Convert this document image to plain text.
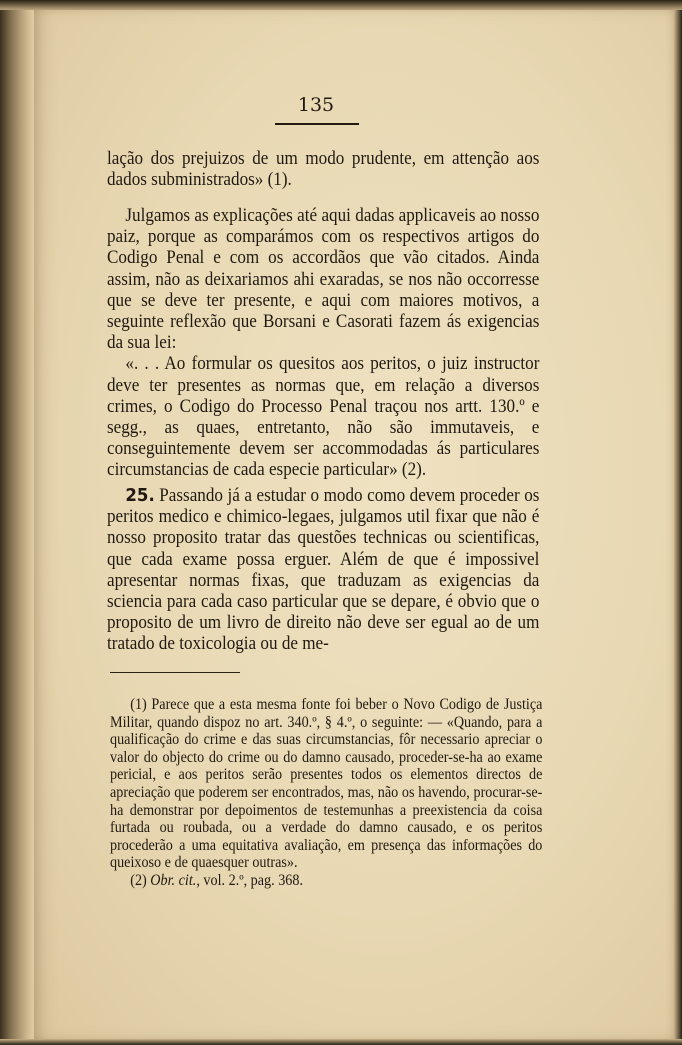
135
lação dos prejuizos de um modo prudente, em attenção aos dados subministrados» (1).
Julgamos as explicações até aqui dadas applicaveis ao nosso paiz, porque as comparámos com os respectivos artigos do Codigo Penal e com os accordãos que vão citados. Ainda assim, não as deixariamos ahi exaradas, se nos não occorresse que se deve ter presente, e aqui com maiores motivos, a seguinte reflexão que Borsani e Casorati fazem ás exigencias da sua lei:
«. . . Ao formular os quesitos aos peritos, o juiz instructor deve ter presentes as normas que, em relação a diversos crimes, o Codigo do Processo Penal traçou nos artt. 130.º e segg., as quaes, entretanto, não são immutaveis, e conseguintemente devem ser accommodadas ás particulares circumstancias de cada especie particular» (2).
25. Passando já a estudar o modo como devem proceder os peritos medico e chimico-legaes, julgamos util fixar que não é nosso proposito tratar das questões technicas ou scientificas, que cada exame possa erguer. Além de que é impossivel apresentar normas fixas, que traduzam as exigencias da sciencia para cada caso particular que se depare, é obvio que o proposito de um livro de direito não deve ser egual ao de um tratado de toxicologia ou de me-
(1) Parece que a esta mesma fonte foi beber o Novo Codigo de Justiça Militar, quando dispoz no art. 340.º, § 4.º, o seguinte: — «Quando, para a qualificação do crime e das suas circumstancias, fôr necessario apreciar o valor do objecto do crime ou do damno causado, proceder-se-ha ao exame pericial, e aos peritos serão presentes todos os elementos directos de apreciação que poderem ser encontrados, mas, não os havendo, procurar-se-ha demonstrar por depoimentos de testemunhas a preexistencia da coisa furtada ou roubada, ou a verdade do damno causado, e os peritos procederão a uma equitativa avaliação, em presença das informações do queixoso e de quaesquer outras».
(2) Obr. cit., vol. 2.º, pag. 368.
